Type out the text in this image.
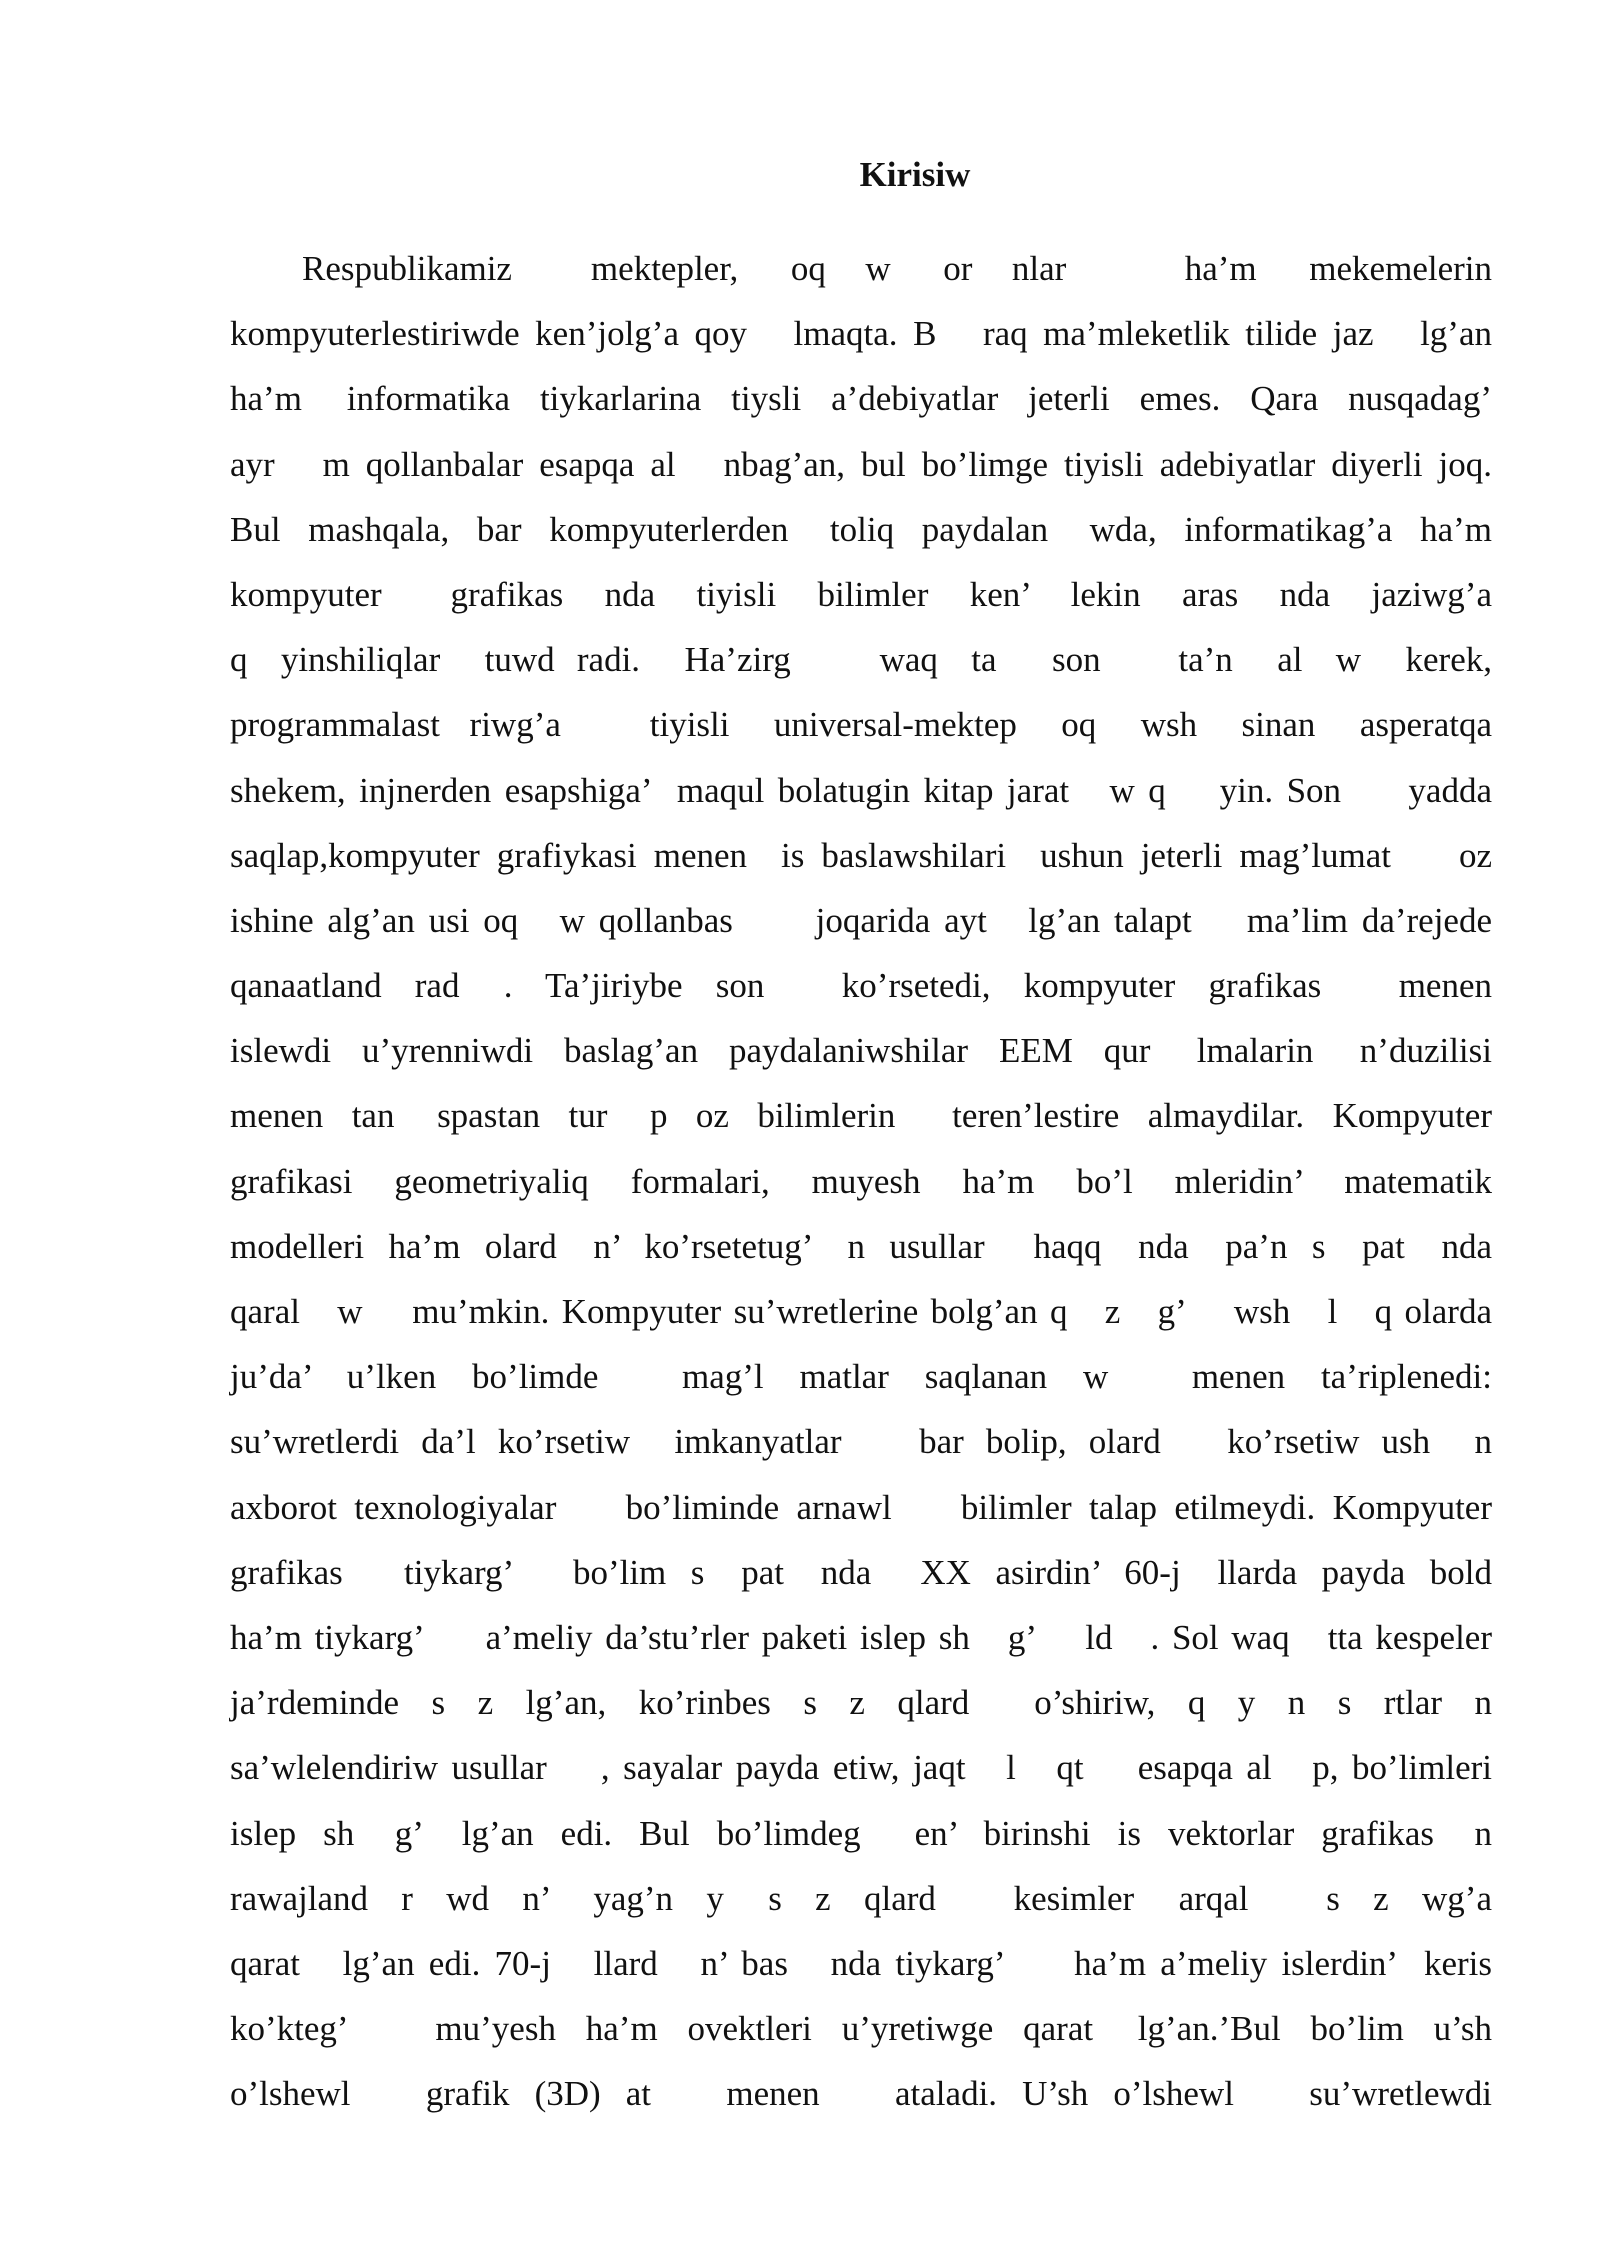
Kirisiw
Respublikamiz      mektepler,    oq   w    or   nlar         ha’m    mekemelerin
kompyuterlestiriwde ken’jolg’a qoy   lmaqta. B   raq ma’mleketlik tilide jaz   lg’an
ha’m   informatika  tiykarlarina  tiysli  a’debiyatlar  jeterli  emes.  Qara  nusqadag’
ayr   m qollanbalar esapqa al   nbag’an, bul bo’limge tiyisli adebiyatlar diyerli joq.
Bul  mashqala,  bar  kompyuterlerden   toliq  paydalan   wda,  informatikag’a  ha’m
kompyuter     grafikas   nda   tiyisli   bilimler   ken’   lekin   aras   nda   jaziwg’a
q   yinshiliqlar    tuwd  radi.    Ha’zirg        waq   ta     son       ta’n    al   w    kerek,
programmalast  riwg’a      tiyisli   universal-mektep   oq   wsh   sinan   asperatqa
shekem, injnerden esapshiga’  maqul bolatugin kitap jarat   w q    yin. Son     yadda
saqlap,kompyuter grafiykasi menen  is baslawshilari  ushun jeterli mag’lumat    oz
ishine alg’an usi oq   w qollanbas      joqarida ayt   lg’an talapt    ma’lim da’rejede
qanaatland   rad    .   Ta’jiriybe   son       ko’rsetedi,   kompyuter   grafikas       menen
islewdi  u’yrenniwdi  baslag’an  paydalaniwshilar  EEM  qur   lmalarin   n’duzilisi
menen  tan   spastan  tur   p  oz  bilimlerin    teren’lestire  almaydilar.  Kompyuter
grafikasi   geometriyaliq   formalari,   muyesh   ha’m   bo’l   mleridin’   matematik
modelleri  ha’m  olard   n’  ko’rsetetug’   n  usullar    haqq   nda   pa’n  s   pat   nda
qaral   w    mu’mkin. Kompyuter su’wretlerine bolg’an q   z   g’    wsh   l   q olarda
ju’da’   u’lken   bo’limde       mag’l   matlar   saqlanan   w       menen   ta’riplenedi:
su’wretlerdi  da’l  ko’rsetiw    imkanyatlar       bar  bolip,  olard      ko’rsetiw  ush    n
axborot texnologiyalar    bo’liminde arnawl    bilimler talap etilmeydi. Kompyuter
grafikas     tiykarg’     bo’lim  s   pat   nda    XX  asirdin’  60-j   llarda  payda  bold
ha’m tiykarg’     a’meliy da’stu’rler paketi islep sh   g’    ld   . Sol waq   tta kespeler
ja’rdeminde   s   z   lg’an,   ko’rinbes   s   z   qlard      o’shiriw,   q   y   n   s   rtlar   n
sa’wlelendiriw usullar    , sayalar payda etiw, jaqt   l   qt    esapqa al   p, bo’limleri
islep  sh   g’   lg’an  edi.  Bul  bo’limdeg    en’  birinshi  is  vektorlar  grafikas   n
rawajland   r   wd   n’    yag’n   y    s   z   qlard       kesimler    arqal       s   z   wg’a
qarat   lg’an edi. 70-j   llard   n’ bas   nda tiykarg’     ha’m a’meliy islerdin’  keris
ko’kteg’      mu’yesh  ha’m  ovektleri  u’yretiwge  qarat   lg’an.’Bul  bo’lim  u’sh
o’lshewl      grafik  (3D)  at      menen      ataladi.  U’sh  o’lshewl      su’wretlewdi
